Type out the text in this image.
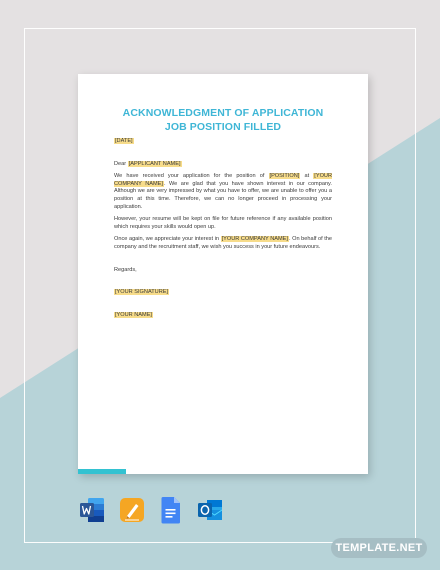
ACKNOWLEDGMENT OF APPLICATION
JOB POSITION FILLED

[DATE]

Dear [APPLICANT NAME]

We have received your application for the position of [POSITION] at [YOUR COMPANY NAME]. We are glad that you have shown interest in our company. Although we are very impressed by what you have to offer, we are unable to offer you a position at this time. Therefore, we can no longer proceed in processing your application.

However, your resume will be kept on file for future reference if any available position which requires your skills would open up.

Once again, we appreciate your interest in [YOUR COMPANY NAME]. On behalf of the company and the recruitment staff, we wish you success in your future endeavours.

Regards,

[YOUR SIGNATURE]

[YOUR NAME]

TEMPLATE.NET
